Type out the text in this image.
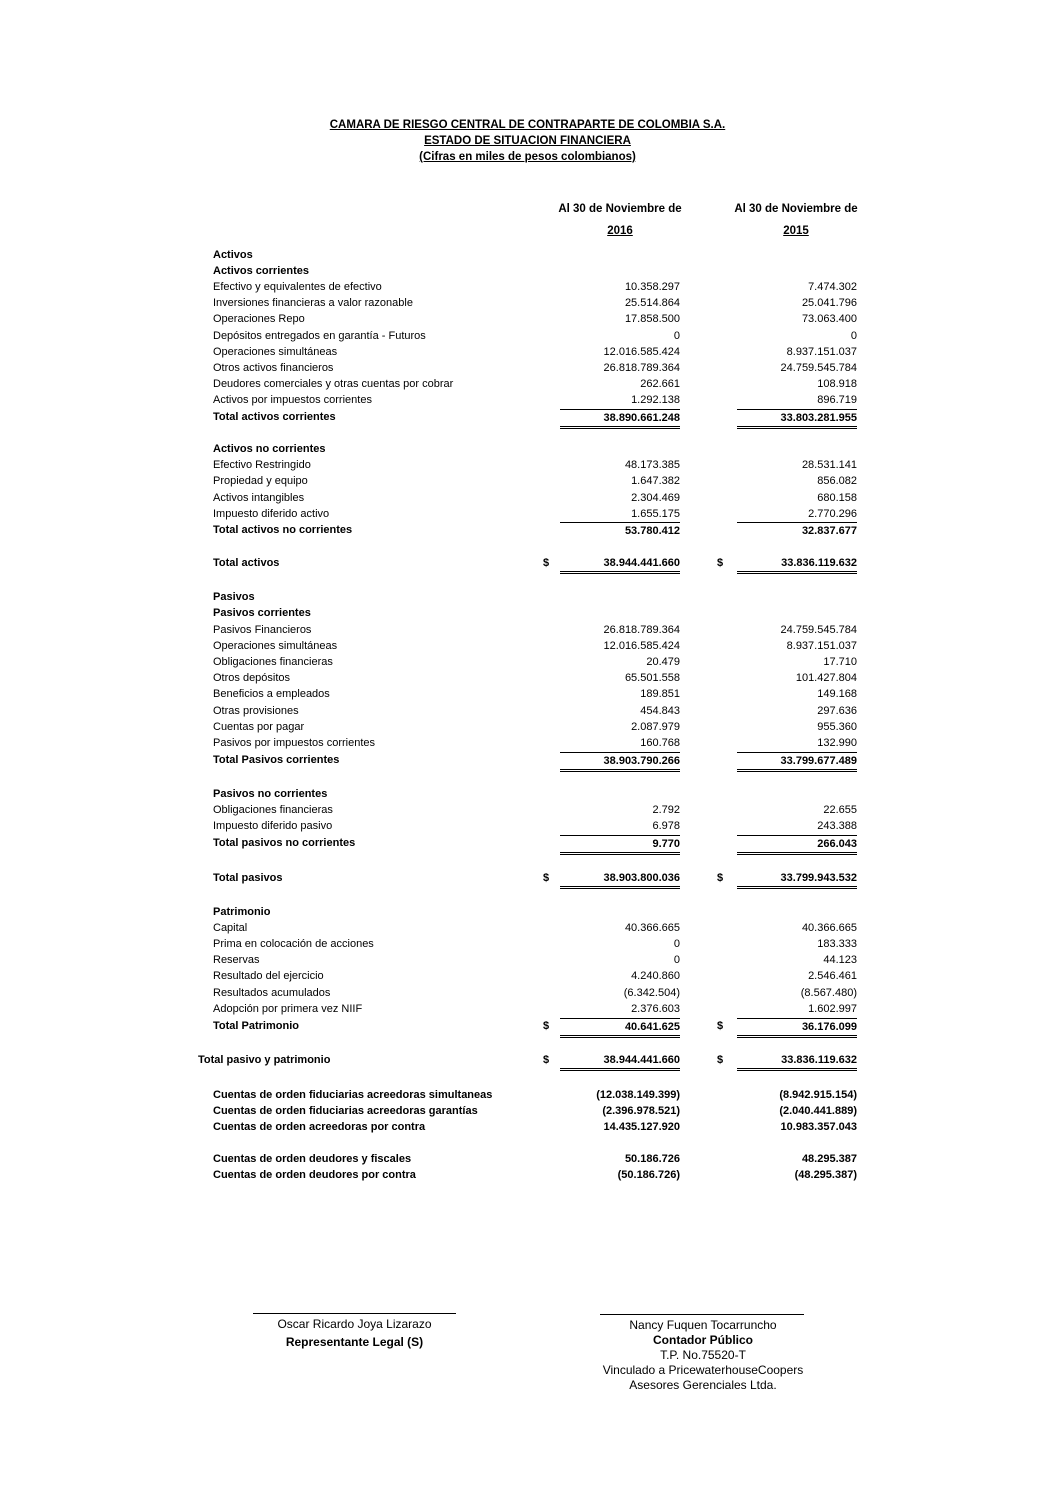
CAMARA DE RIESGO CENTRAL DE CONTRAPARTE DE COLOMBIA S.A.
ESTADO DE SITUACION FINANCIERA
(Cifras en miles de pesos colombianos)
Al 30 de Noviembre de
2016
Al 30 de Noviembre de
2015
Activos
Activos corrientes
Efectivo y equivalentes de efectivo	10.358.297	7.474.302
Inversiones financieras a valor razonable	25.514.864	25.041.796
Operaciones Repo	17.858.500	73.063.400
Depósitos entregados en garantía - Futuros	0	0
Operaciones simultáneas	12.016.585.424	8.937.151.037
Otros activos financieros	26.818.789.364	24.759.545.784
Deudores comerciales y otras cuentas por cobrar	262.661	108.918
Activos por impuestos corrientes	1.292.138	896.719
Total activos corrientes	38.890.661.248	33.803.281.955
Activos no corrientes
Efectivo Restringido	48.173.385	28.531.141
Propiedad y equipo	1.647.382	856.082
Activos intangibles	2.304.469	680.158
Impuesto diferido activo	1.655.175	2.770.296
Total activos no corrientes	53.780.412	32.837.677
Total activos	$	38.944.441.660	$	33.836.119.632
Pasivos
Pasivos corrientes
Pasivos Financieros	26.818.789.364	24.759.545.784
Operaciones simultáneas	12.016.585.424	8.937.151.037
Obligaciones financieras	20.479	17.710
Otros depósitos	65.501.558	101.427.804
Beneficios a empleados	189.851	149.168
Otras provisiones	454.843	297.636
Cuentas por pagar	2.087.979	955.360
Pasivos por impuestos corrientes	160.768	132.990
Total Pasivos corrientes	38.903.790.266	33.799.677.489
Pasivos no corrientes
Obligaciones financieras	2.792	22.655
Impuesto diferido pasivo	6.978	243.388
Total pasivos no corrientes	9.770	266.043
Total pasivos	$	38.903.800.036	$	33.799.943.532
Patrimonio
Capital	40.366.665	40.366.665
Prima en colocación de acciones	0	183.333
Reservas	0	44.123
Resultado del ejercicio	4.240.860	2.546.461
Resultados acumulados	(6.342.504)	(8.567.480)
Adopción por primera vez NIIF	2.376.603	1.602.997
Total Patrimonio	$	40.641.625	$	36.176.099
Total pasivo y patrimonio	$	38.944.441.660	$	33.836.119.632
Cuentas de orden fiduciarias acreedoras simultaneas	(12.038.149.399)	(8.942.915.154)
Cuentas de orden fiduciarias acreedoras garantías	(2.396.978.521)	(2.040.441.889)
Cuentas de orden acreedoras por contra	14.435.127.920	10.983.357.043
Cuentas de orden deudores y fiscales	50.186.726	48.295.387
Cuentas de orden deudores por contra	(50.186.726)	(48.295.387)
Oscar Ricardo Joya Lizarazo
Representante Legal (S)
Nancy Fuquen Tocarruncho
Contador Público
T.P. No.75520-T
Vinculado a PricewaterhouseCoopers
Asesores Gerenciales Ltda.
